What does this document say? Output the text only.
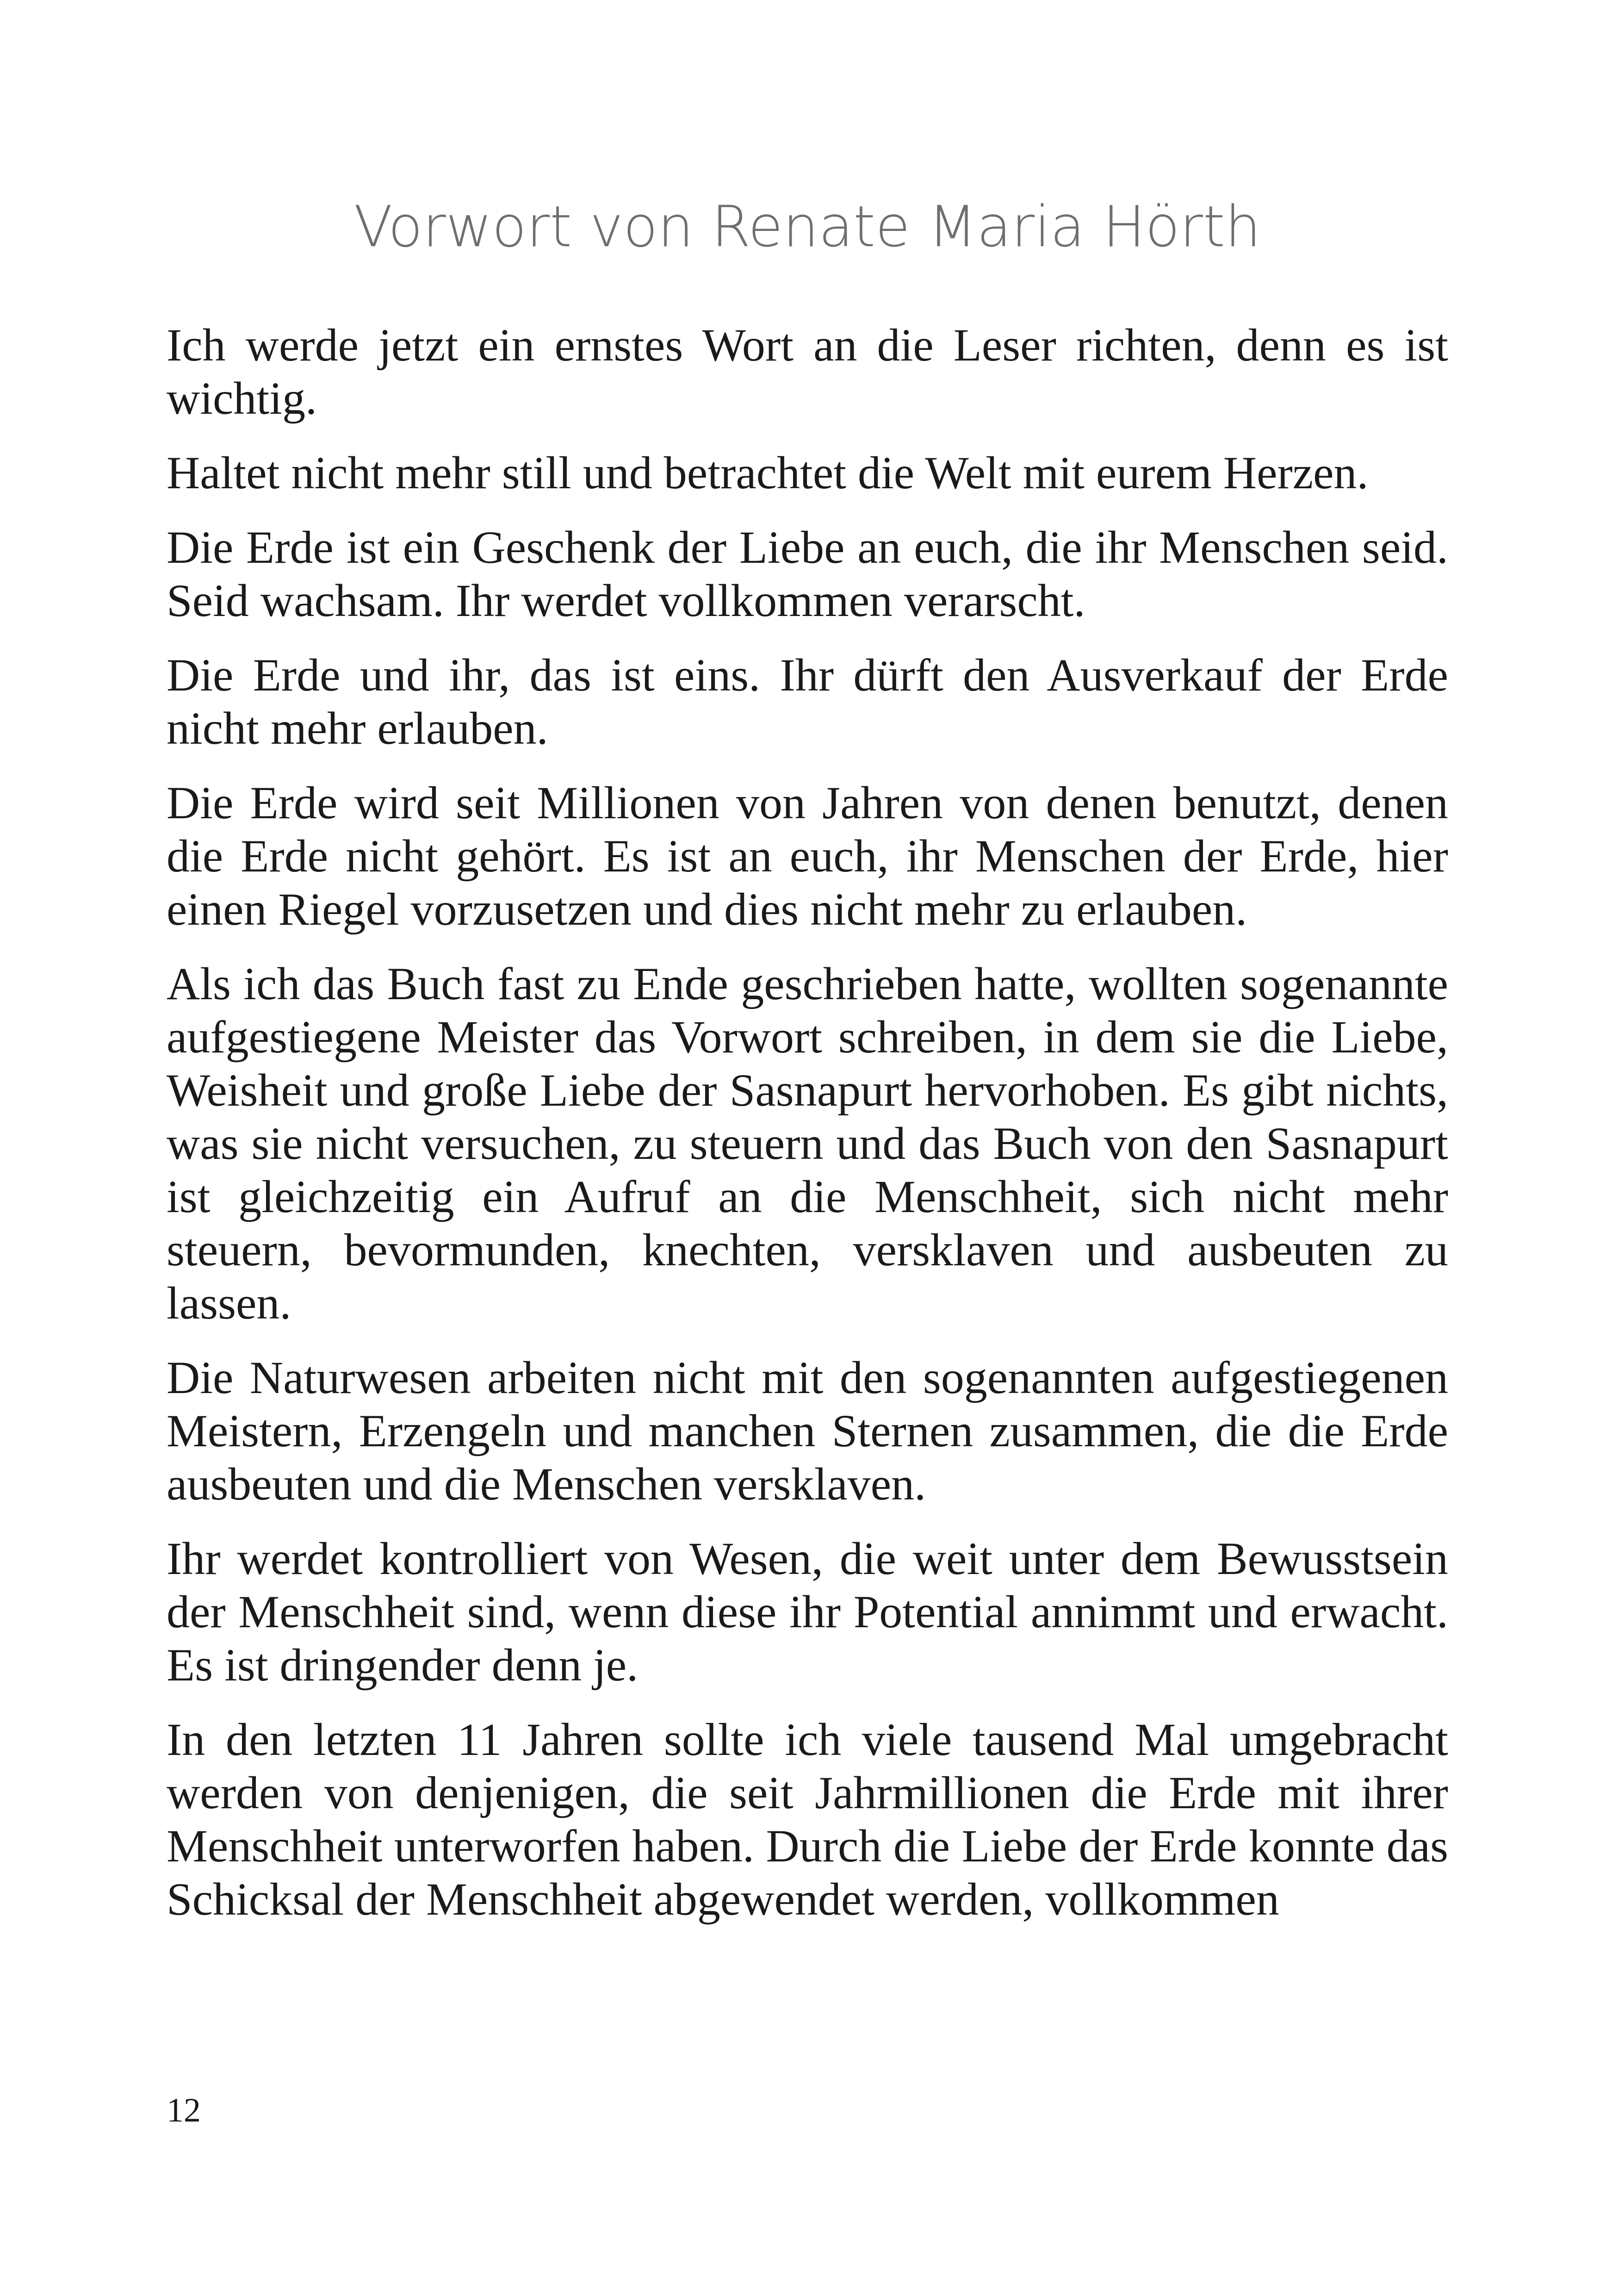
Vorwort von Renate Maria Hörth

Ich werde jetzt ein ernstes Wort an die Leser richten, denn es ist wichtig.

Haltet nicht mehr still und betrachtet die Welt mit eurem Herzen.

Die Erde ist ein Geschenk der Liebe an euch, die ihr Menschen seid. Seid wachsam. Ihr werdet vollkommen verarscht.

Die Erde und ihr, das ist eins. Ihr dürft den Ausverkauf der Erde nicht mehr erlauben.

Die Erde wird seit Millionen von Jahren von denen benutzt, denen die Erde nicht gehört. Es ist an euch, ihr Menschen der Erde, hier einen Riegel vorzusetzen und dies nicht mehr zu erlauben.

Als ich das Buch fast zu Ende geschrieben hatte, wollten sogenannte aufgestiegene Meister das Vorwort schreiben, in dem sie die Liebe, Weisheit und große Liebe der Sasnapurt hervorhoben. Es gibt nichts, was sie nicht versuchen, zu steuern und das Buch von den Sasnapurt ist gleichzeitig ein Aufruf an die Menschheit, sich nicht mehr steuern, bevormunden, knechten, versklaven und ausbeuten zu lassen.

Die Naturwesen arbeiten nicht mit den sogenannten aufgestiegenen Meistern, Erzengeln und manchen Sternen zusammen, die die Erde ausbeuten und die Menschen versklaven.

Ihr werdet kontrolliert von Wesen, die weit unter dem Bewusstsein der Menschheit sind, wenn diese ihr Potential annimmt und erwacht. Es ist dringender denn je.

In den letzten 11 Jahren sollte ich viele tausend Mal umgebracht werden von denjenigen, die seit Jahrmillionen die Erde mit ihrer Menschheit unterworfen haben. Durch die Liebe der Erde konnte das Schicksal der Menschheit abgewendet werden, vollkommen

12
